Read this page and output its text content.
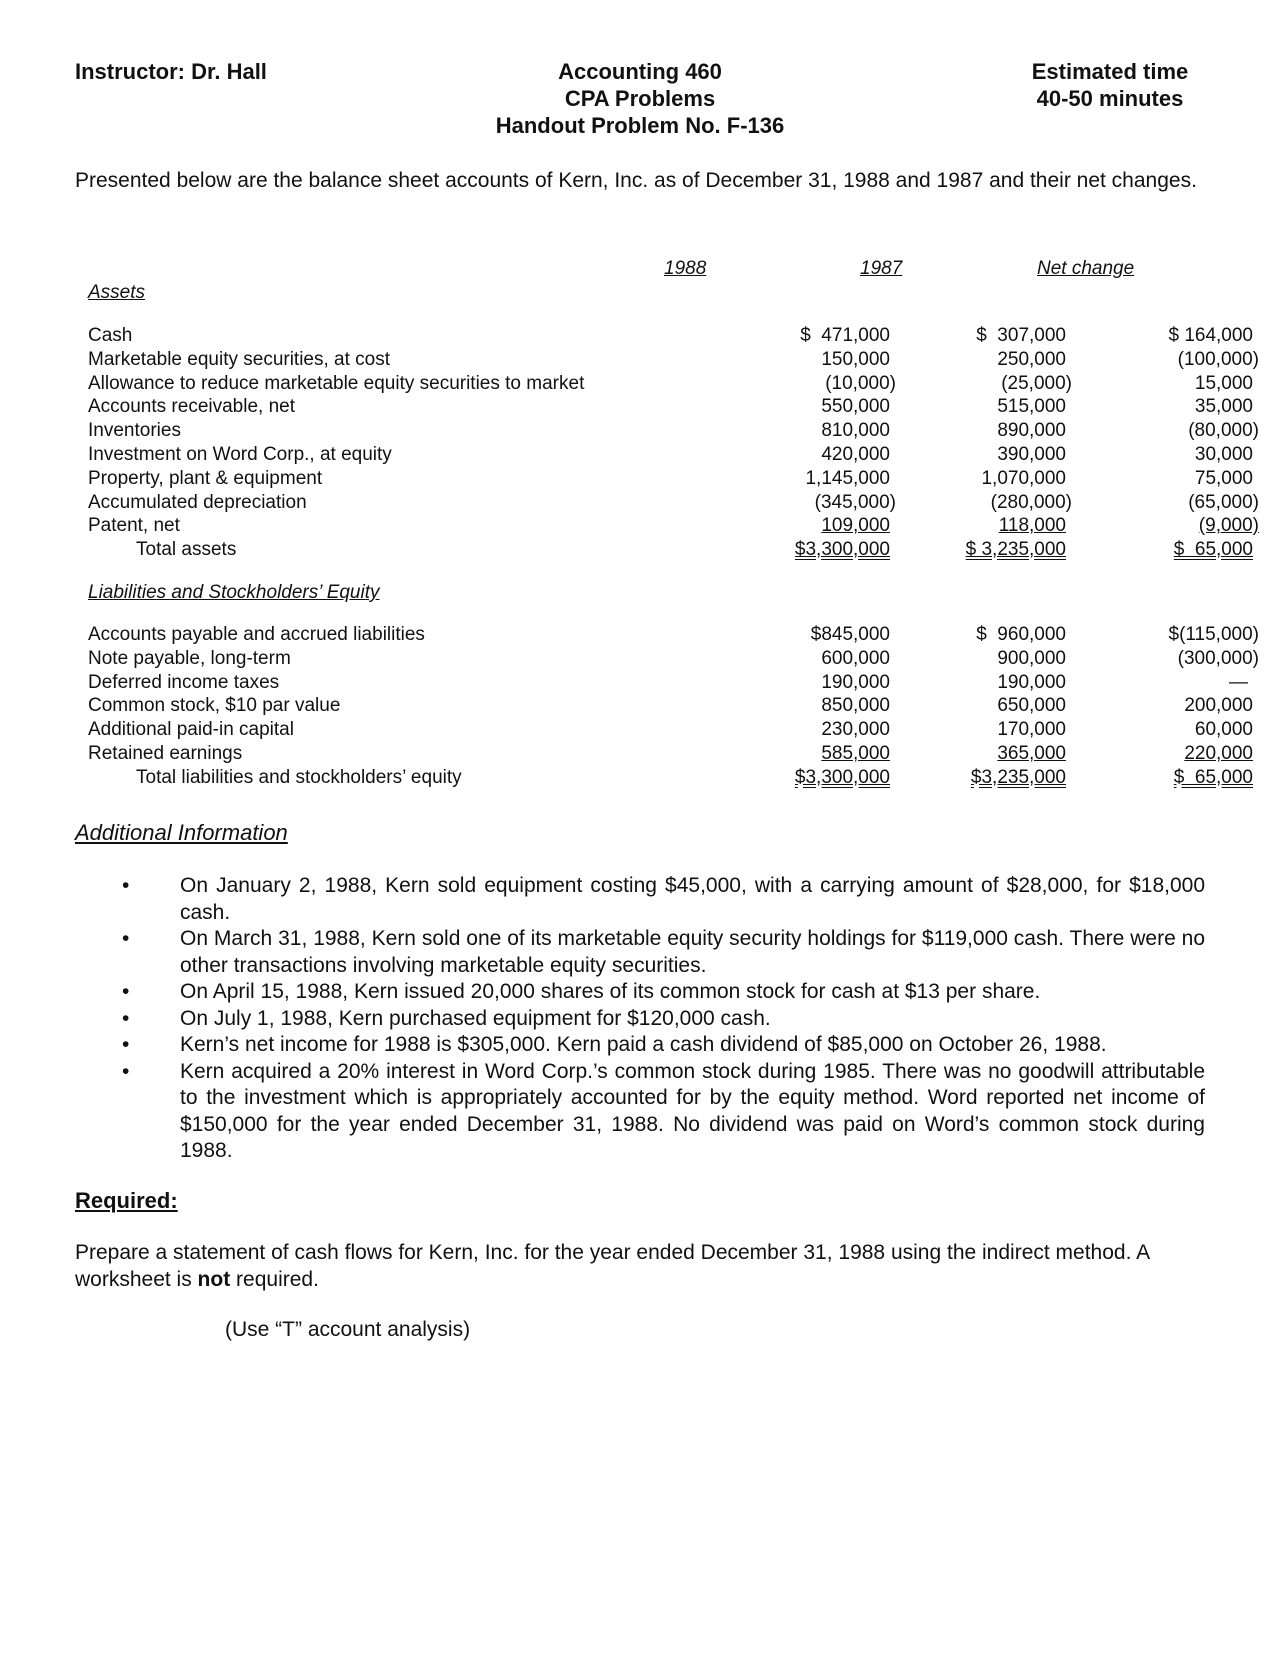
Instructor: Dr. Hall	Accounting 460
CPA Problems
Handout Problem No. F-136
Estimated time
40-50 minutes
Presented below are the balance sheet accounts of Kern, Inc. as of December 31, 1988 and 1987 and their net changes.
1988	1987	Net change
Assets
Cash	$  471,000	$  307,000	$ 164,000
Marketable equity securities, at cost	150,000	250,000	(100,000)
Allowance to reduce marketable equity securities to market	(10,000)	(25,000)	15,000
Accounts receivable, net	550,000	515,000	35,000
Inventories	810,000	890,000	(80,000)
Investment on Word Corp., at equity	420,000	390,000	30,000
Property, plant & equipment	1,145,000	1,070,000	75,000
Accumulated depreciation	(345,000)	(280,000)	(65,000)
Patent, net	109,000	118,000	(9,000)
Total assets	$3,300,000	$ 3,235,000	$  65,000
Liabilities and Stockholders’ Equity
Accounts payable and accrued liabilities	$845,000	$  960,000	$(115,000)
Note payable, long-term	600,000	900,000	(300,000)
Deferred income taxes	190,000	190,000	—
Common stock, $10 par value	850,000	650,000	200,000
Additional paid-in capital	230,000	170,000	60,000
Retained earnings	585,000	365,000	220,000
Total liabilities and stockholders’ equity	$3,300,000	$3,235,000	$  65,000
Additional Information
• On January 2, 1988, Kern sold equipment costing $45,000, with a carrying amount of $28,000, for $18,000 cash.
• On March 31, 1988, Kern sold one of its marketable equity security holdings for $119,000 cash. There were no other transactions involving marketable equity securities.
• On April 15, 1988, Kern issued 20,000 shares of its common stock for cash at $13 per share.
• On July 1, 1988, Kern purchased equipment for $120,000 cash.
• Kern’s net income for 1988 is $305,000. Kern paid a cash dividend of $85,000 on October 26, 1988.
• Kern acquired a 20% interest in Word Corp.’s common stock during 1985. There was no goodwill attributable to the investment which is appropriately accounted for by the equity method. Word reported net income of $150,000 for the year ended December 31, 1988. No dividend was paid on Word’s common stock during 1988.
Required:
Prepare a statement of cash flows for Kern, Inc. for the year ended December 31, 1988 using the indirect method. A worksheet is not required.
(Use “T” account analysis)
